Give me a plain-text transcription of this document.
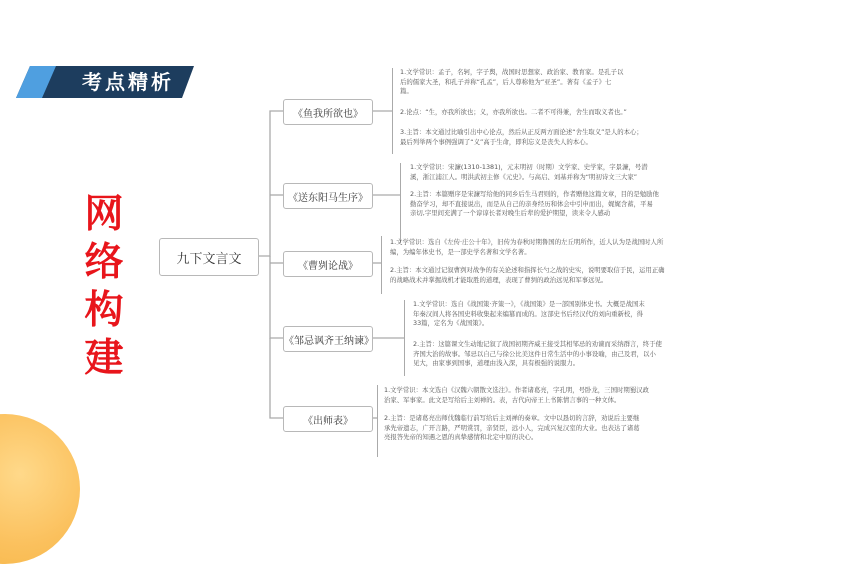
考点精析
网
络
构
建
九下文言文
《鱼我所欲也》

1.文学常识：孟子，名轲，字子舆，战国时思想家、政治家、教育家。是孔子以
后的儒家大圣，和孔子并称“孔孟”，后人尊称他为“亚圣”。著有《孟子》七
篇。

2.论点：“生，亦我所欲也；义，亦我所欲也。二者不可得兼，舍生而取义者也。”

3.主旨：本文通过比喻引出中心论点，然后从正反两方面论述“舍生取义”是人的本心；
最后列举两个事例强调了“义”高于生命，即利忘义是丧失人的本心。

《送东阳马生序》

1.文学常识：宋濂(1310-1381)，元末明初（时期）文学家、史学家，字景濂，号潜
溪，浙江浦江人。明洪武初主修《元史》。与高启、刘基并称为“明初诗文三大家”

2.主旨：本篇赠序是宋濂写给他的同乡后生马君则的，作者赠他这篇文章，目的是勉励他
勤奋学习，却不直接说出，而是从自己的亲身经历和体会中引申而出，娓娓含蓄，平易
亲切,字里间充满了一个谆谆长者对晚生后辈的爱护期望，读来令人感动

《曹刿论战》

1.文学常识：选自《左传·庄公十年》，旧传为春秋时期鲁国的左丘明所作，近人认为是战国时人所
编，为编年体史书，是一部史学名著和文学名著。

2.主旨：本文通过记叙曹刿对战争的有关论述和指挥长勺之战的史实，说明要取信于民，运用正确
的战略战术并掌握战机才能取胜的道理，表现了曹刿的政治远见和军事远见。

《邹忌讽齐王纳谏》

1.文学常识：选自《战国策·齐策一》，《战国策》是一部国别体史书。大概是战国末
年秦汉间人将各国史料收集起来编纂而成的。这部史书后经汉代的刘向重新校，得
33篇，定名为《战国策》。

2.主旨：这篇课文生动地记叙了战国初期齐威王接受其相邹忌的劝谏而采纳群言，终于使
齐国大治的故事。邹忌以自己与徐公比美这件日常生活中的小事设喻，由己及君，以小
见大，由家事到国事，道理由浅入深，具有极强的说服力。

《出师表》

1.文学常识：本文选自《汉魏六朝散文选注》。作者诸葛亮，字孔明，号卧龙，三国时期蜀汉政
治家、军事家。此文是写给后主刘禅的。表，古代向帝王上书陈情言事的一种文体。

2.主旨：是诸葛亮出师伐魏临行前写给后主刘禅的奏章。文中以恳切的言辞，劝说后主要继
承先帝遗志，广开言路，严明赏罚，亲贤臣，远小人，完成兴复汉室的大业。也表达了诸葛
亮报答先帝的知遇之恩的真挚感情和北定中原的决心。
